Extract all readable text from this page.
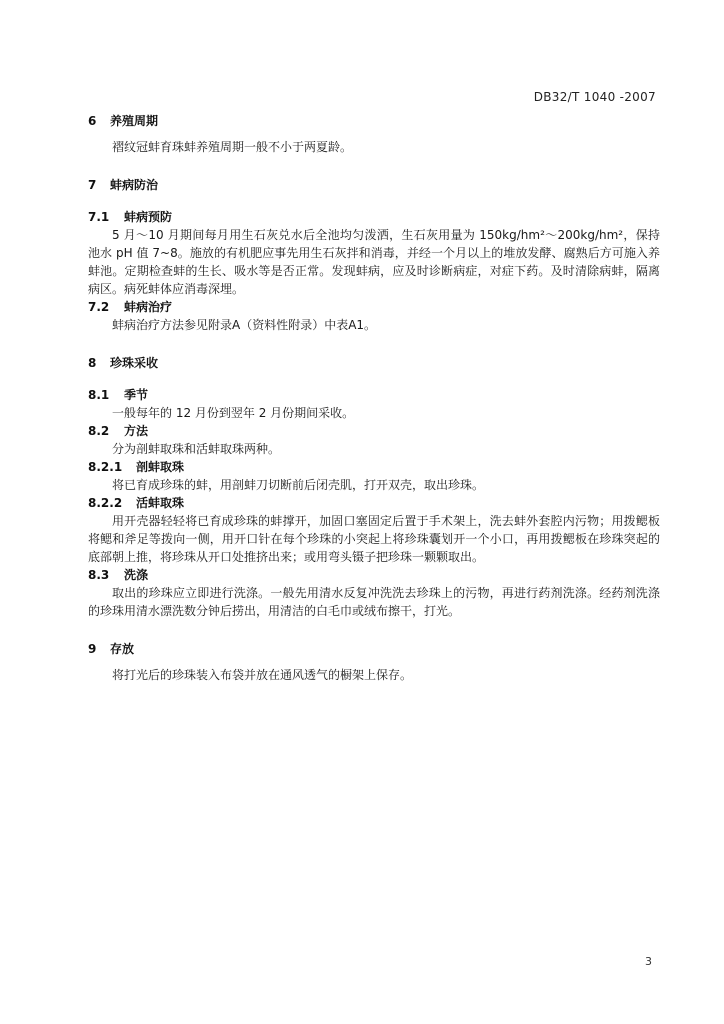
DB32/T 1040 -2007
6 养殖周期

褶纹冠蚌育珠蚌养殖周期一般不小于两夏龄。

7 蚌病防治
7.1 蚌病预防

5 月～10 月期间每月用生石灰兑水后全池均匀泼洒，生石灰用量为 150kg/hm²～200kg/hm²，保持池水 pH 值 7~8。施放的有机肥应事先用生石灰拌和消毒，并经一个月以上的堆放发酵、腐熟后方可施入养蚌池。定期检查蚌的生长、吸水等是否正常。发现蚌病，应及时诊断病症，对症下药。及时清除病蚌，隔离病区。病死蚌体应消毒深埋。

7.2 蚌病治疗

蚌病治疗方法参见附录A（资料性附录）中表A1。

8 珍珠采收
8.1 季节

一般每年的 12 月份到翌年 2 月份期间采收。

8.2 方法

分为剖蚌取珠和活蚌取珠两种。

8.2.1 剖蚌取珠

将已育成珍珠的蚌，用剖蚌刀切断前后闭壳肌，打开双壳，取出珍珠。

8.2.2 活蚌取珠

用开壳器轻轻将已育成珍珠的蚌撑开，加固口塞固定后置于手术架上，洗去蚌外套腔内污物；用拨鳃板将鳃和斧足等拨向一侧，用开口针在每个珍珠的小突起上将珍珠囊划开一个小口，再用拨鳃板在珍珠突起的底部朝上推，将珍珠从开口处推挤出来；或用弯头镊子把珍珠一颗颗取出。

8.3 洗涤

取出的珍珠应立即进行洗涤。一般先用清水反复冲洗洗去珍珠上的污物，再进行药剂洗涤。经药剂洗涤的珍珠用清水漂洗数分钟后捞出，用清洁的白毛巾或绒布擦干，打光。

9 存放

将打光后的珍珠装入布袋并放在通风透气的橱架上保存。

3
